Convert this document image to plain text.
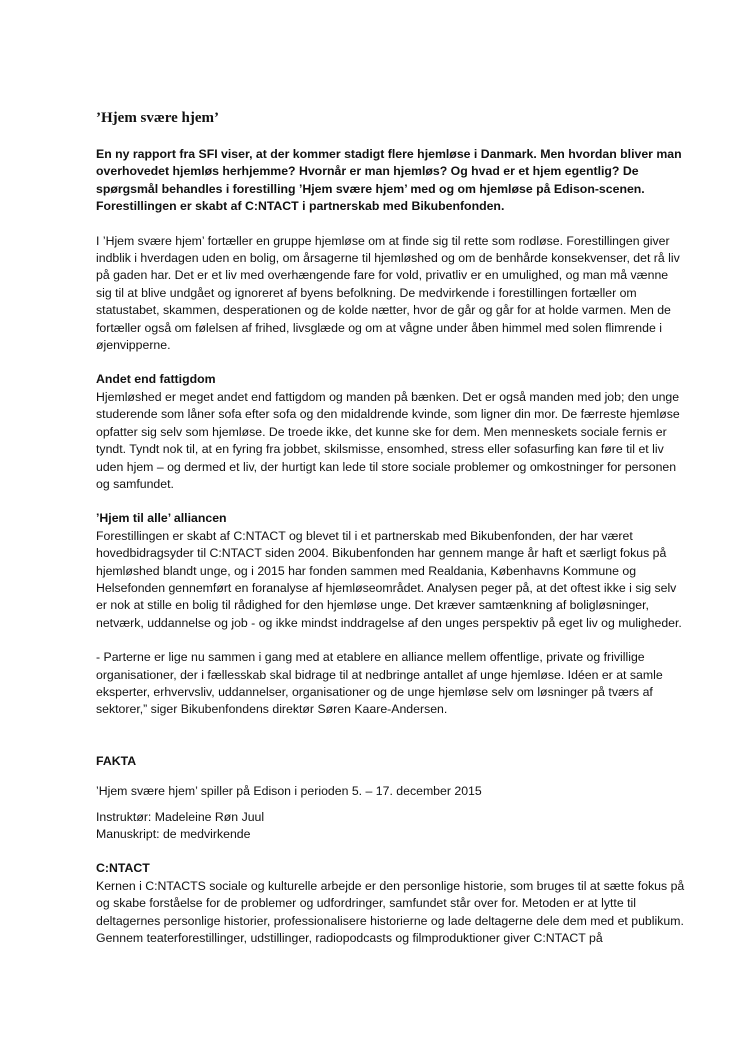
’Hjem svære hjem’

En ny rapport fra SFI viser, at der kommer stadigt flere hjemløse i Danmark. Men hvordan bliver man overhovedet hjemløs herhjemme? Hvornår er man hjemløs? Og hvad er et hjem egentlig? De spørgsmål behandles i forestilling ’Hjem svære hjem’ med og om hjemløse på Edison-scenen. Forestillingen er skabt af C:NTACT i partnerskab med Bikubenfonden.

I ’Hjem svære hjem’ fortæller en gruppe hjemløse om at finde sig til rette som rodløse. Forestillingen giver indblik i hverdagen uden en bolig, om årsagerne til hjemløshed og om de benhårde konsekvenser, det rå liv på gaden har. Det er et liv med overhængende fare for vold, privatliv er en umulighed, og man må vænne sig til at blive undgået og ignoreret af byens befolkning. De medvirkende i forestillingen fortæller om statustabet, skammen, desperationen og de kolde nætter, hvor de går og går for at holde varmen. Men de fortæller også om følelsen af frihed, livsglæde og om at vågne under åben himmel med solen flimrende i øjenvipperne.

Andet end fattigdom
Hjemløshed er meget andet end fattigdom og manden på bænken. Det er også manden med job; den unge studerende som låner sofa efter sofa og den midaldrende kvinde, som ligner din mor. De færreste hjemløse opfatter sig selv som hjemløse. De troede ikke, det kunne ske for dem. Men menneskets sociale fernis er tyndt. Tyndt nok til, at en fyring fra jobbet, skilsmisse, ensomhed, stress eller sofasurfing kan føre til et liv uden hjem – og dermed et liv, der hurtigt kan lede til store sociale problemer og omkostninger for personen og samfundet.
’Hjem til alle’ alliancen
Forestillingen er skabt af C:NTACT og blevet til i et partnerskab med Bikubenfonden, der har været hovedbidragsyder til C:NTACT siden 2004. Bikubenfonden har gennem mange år haft et særligt fokus på hjemløshed blandt unge, og i 2015 har fonden sammen med Realdania, Københavns Kommune og Helsefonden gennemført en foranalyse af hjemløseområdet. Analysen peger på, at det oftest ikke i sig selv er nok at stille en bolig til rådighed for den hjemløse unge. Det kræver samtænkning af boligløsninger, netværk, uddannelse og job - og ikke mindst inddragelse af den unges perspektiv på eget liv og muligheder.

- Parterne er lige nu sammen i gang med at etablere en alliance mellem offentlige, private og frivillige organisationer, der i fællesskab skal bidrage til at nedbringe antallet af unge hjemløse. Idéen er at samle eksperter, erhvervsliv, uddannelser, organisationer og de unge hjemløse selv om løsninger på tværs af sektorer,” siger Bikubenfondens direktør Søren Kaare-Andersen.

FAKTA

’Hjem svære hjem’ spiller på Edison i perioden 5. – 17. december 2015

Instruktør: Madeleine Røn Juul

Manuskript: de medvirkende

C:NTACT
Kernen i C:NTACTS sociale og kulturelle arbejde er den personlige historie, som bruges til at sætte fokus på og skabe forståelse for de problemer og udfordringer, samfundet står over for. Metoden er at lytte til deltagernes personlige historier, professionalisere historierne og lade deltagerne dele dem med et publikum. Gennem teaterforestillinger, udstillinger, radiopodcasts og filmproduktioner giver C:NTACT på
